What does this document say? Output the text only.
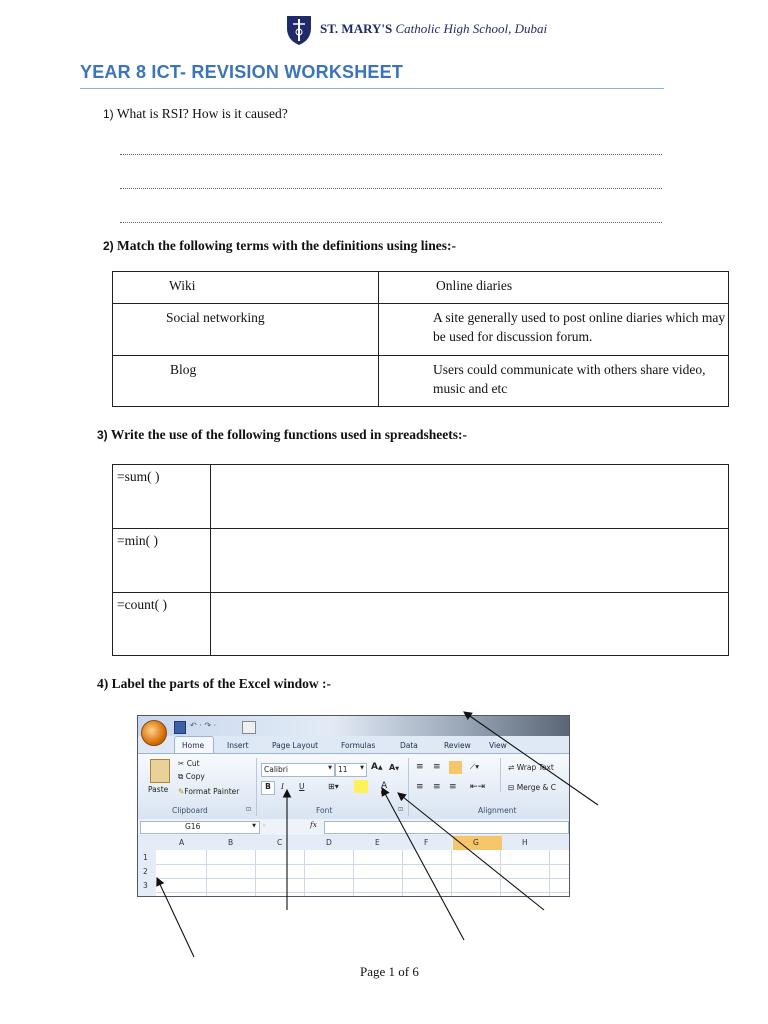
ST. MARY'S Catholic High School, Dubai
YEAR 8 ICT- REVISION WORKSHEET
1) What is RSI? How is it caused?
2) Match the following terms with the definitions using lines:-
Wiki	Online diaries

Social networking	A site generally used to post online diaries which may
be used for discussion forum.

Blog	Users could communicate with others share video,
music and etc
3) Write the use of the following functions used in spreadsheets:-
=sum( )	

=min( )	

=count( )	

4) Label the parts of the Excel window :-
↶ · ↷ ·
Home	Insert	Page Layout	Formulas	Data	Review View
Paste
✂ Cut
⧉ Copy
✎Format Painter
Clipboard	⊡
Calibri	▼ 11	▼ A▲ A▼
B	I U	⊞▾	A
Font	⊡
≡ ≡	⟋▾
≡ ≡ ≡ ⇤⇥
⇌ Wrap Text
⊟ Merge & C
Alignment
G16	▼ ◦	fx
A	B	C	D	E	F	G	H
1
2
3
Page 1 of 6
